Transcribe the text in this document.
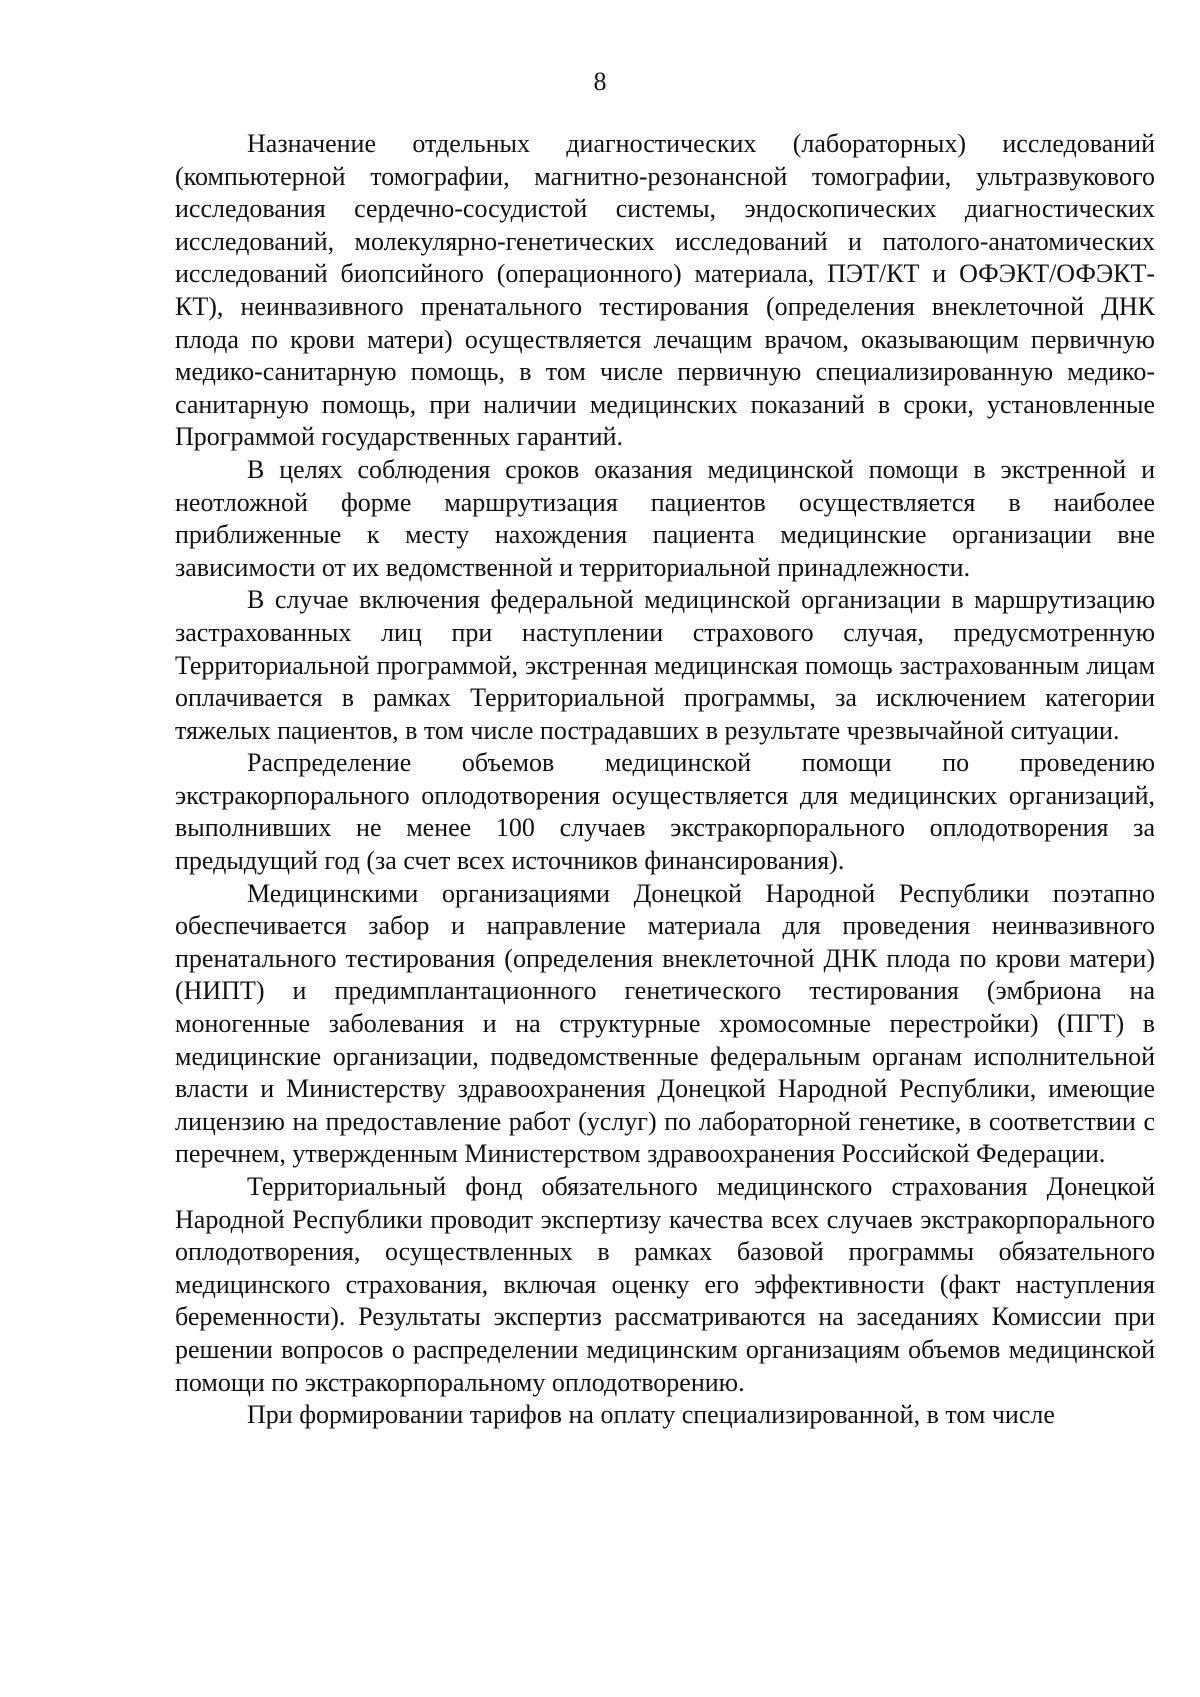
8

Назначение отдельных диагностических (лабораторных) исследований (компьютерной томографии, магнитно-резонансной томографии, ультразвукового исследования сердечно-сосудистой системы, эндоскопических диагностических исследований, молекулярно-генетических исследований и патолого-анатомических исследований биопсийного (операционного) материала, ПЭТ/КТ и ОФЭКТ/ОФЭКТ-КТ), неинвазивного пренатального тестирования (определения внеклеточной ДНК плода по крови матери) осуществляется лечащим врачом, оказывающим первичную медико-санитарную помощь, в том числе первичную специализированную медико-санитарную помощь, при наличии медицинских показаний в сроки, установленные Программой государственных гарантий.

В целях соблюдения сроков оказания медицинской помощи в экстренной и неотложной форме маршрутизация пациентов осуществляется в наиболее приближенные к месту нахождения пациента медицинские организации вне зависимости от их ведомственной и территориальной принадлежности.

В случае включения федеральной медицинской организации в маршрутизацию застрахованных лиц при наступлении страхового случая, предусмотренную Территориальной программой, экстренная медицинская помощь застрахованным лицам оплачивается в рамках Территориальной программы, за исключением категории тяжелых пациентов, в том числе пострадавших в результате чрезвычайной ситуации.

Распределение объемов медицинской помощи по проведению экстракорпорального оплодотворения осуществляется для медицинских организаций, выполнивших не менее 100 случаев экстракорпорального оплодотворения за предыдущий год (за счет всех источников финансирования).

Медицинскими организациями Донецкой Народной Республики поэтапно обеспечивается забор и направление материала для проведения неинвазивного пренатального тестирования (определения внеклеточной ДНК плода по крови матери) (НИПТ) и предимплантационного генетического тестирования (эмбриона на моногенные заболевания и на структурные хромосомные перестройки) (ПГТ) в медицинские организации, подведомственные федеральным органам исполнительной власти и Министерству здравоохранения Донецкой Народной Республики, имеющие лицензию на предоставление работ (услуг) по лабораторной генетике, в соответствии с перечнем, утвержденным Министерством здравоохранения Российской Федерации.

Территориальный фонд обязательного медицинского страхования Донецкой Народной Республики проводит экспертизу качества всех случаев экстракорпорального оплодотворения, осуществленных в рамках базовой программы обязательного медицинского страхования, включая оценку его эффективности (факт наступления беременности). Результаты экспертиз рассматриваются на заседаниях Комиссии при решении вопросов о распределении медицинским организациям объемов медицинской помощи по экстракорпоральному оплодотворению.

При формировании тарифов на оплату специализированной, в том числе
